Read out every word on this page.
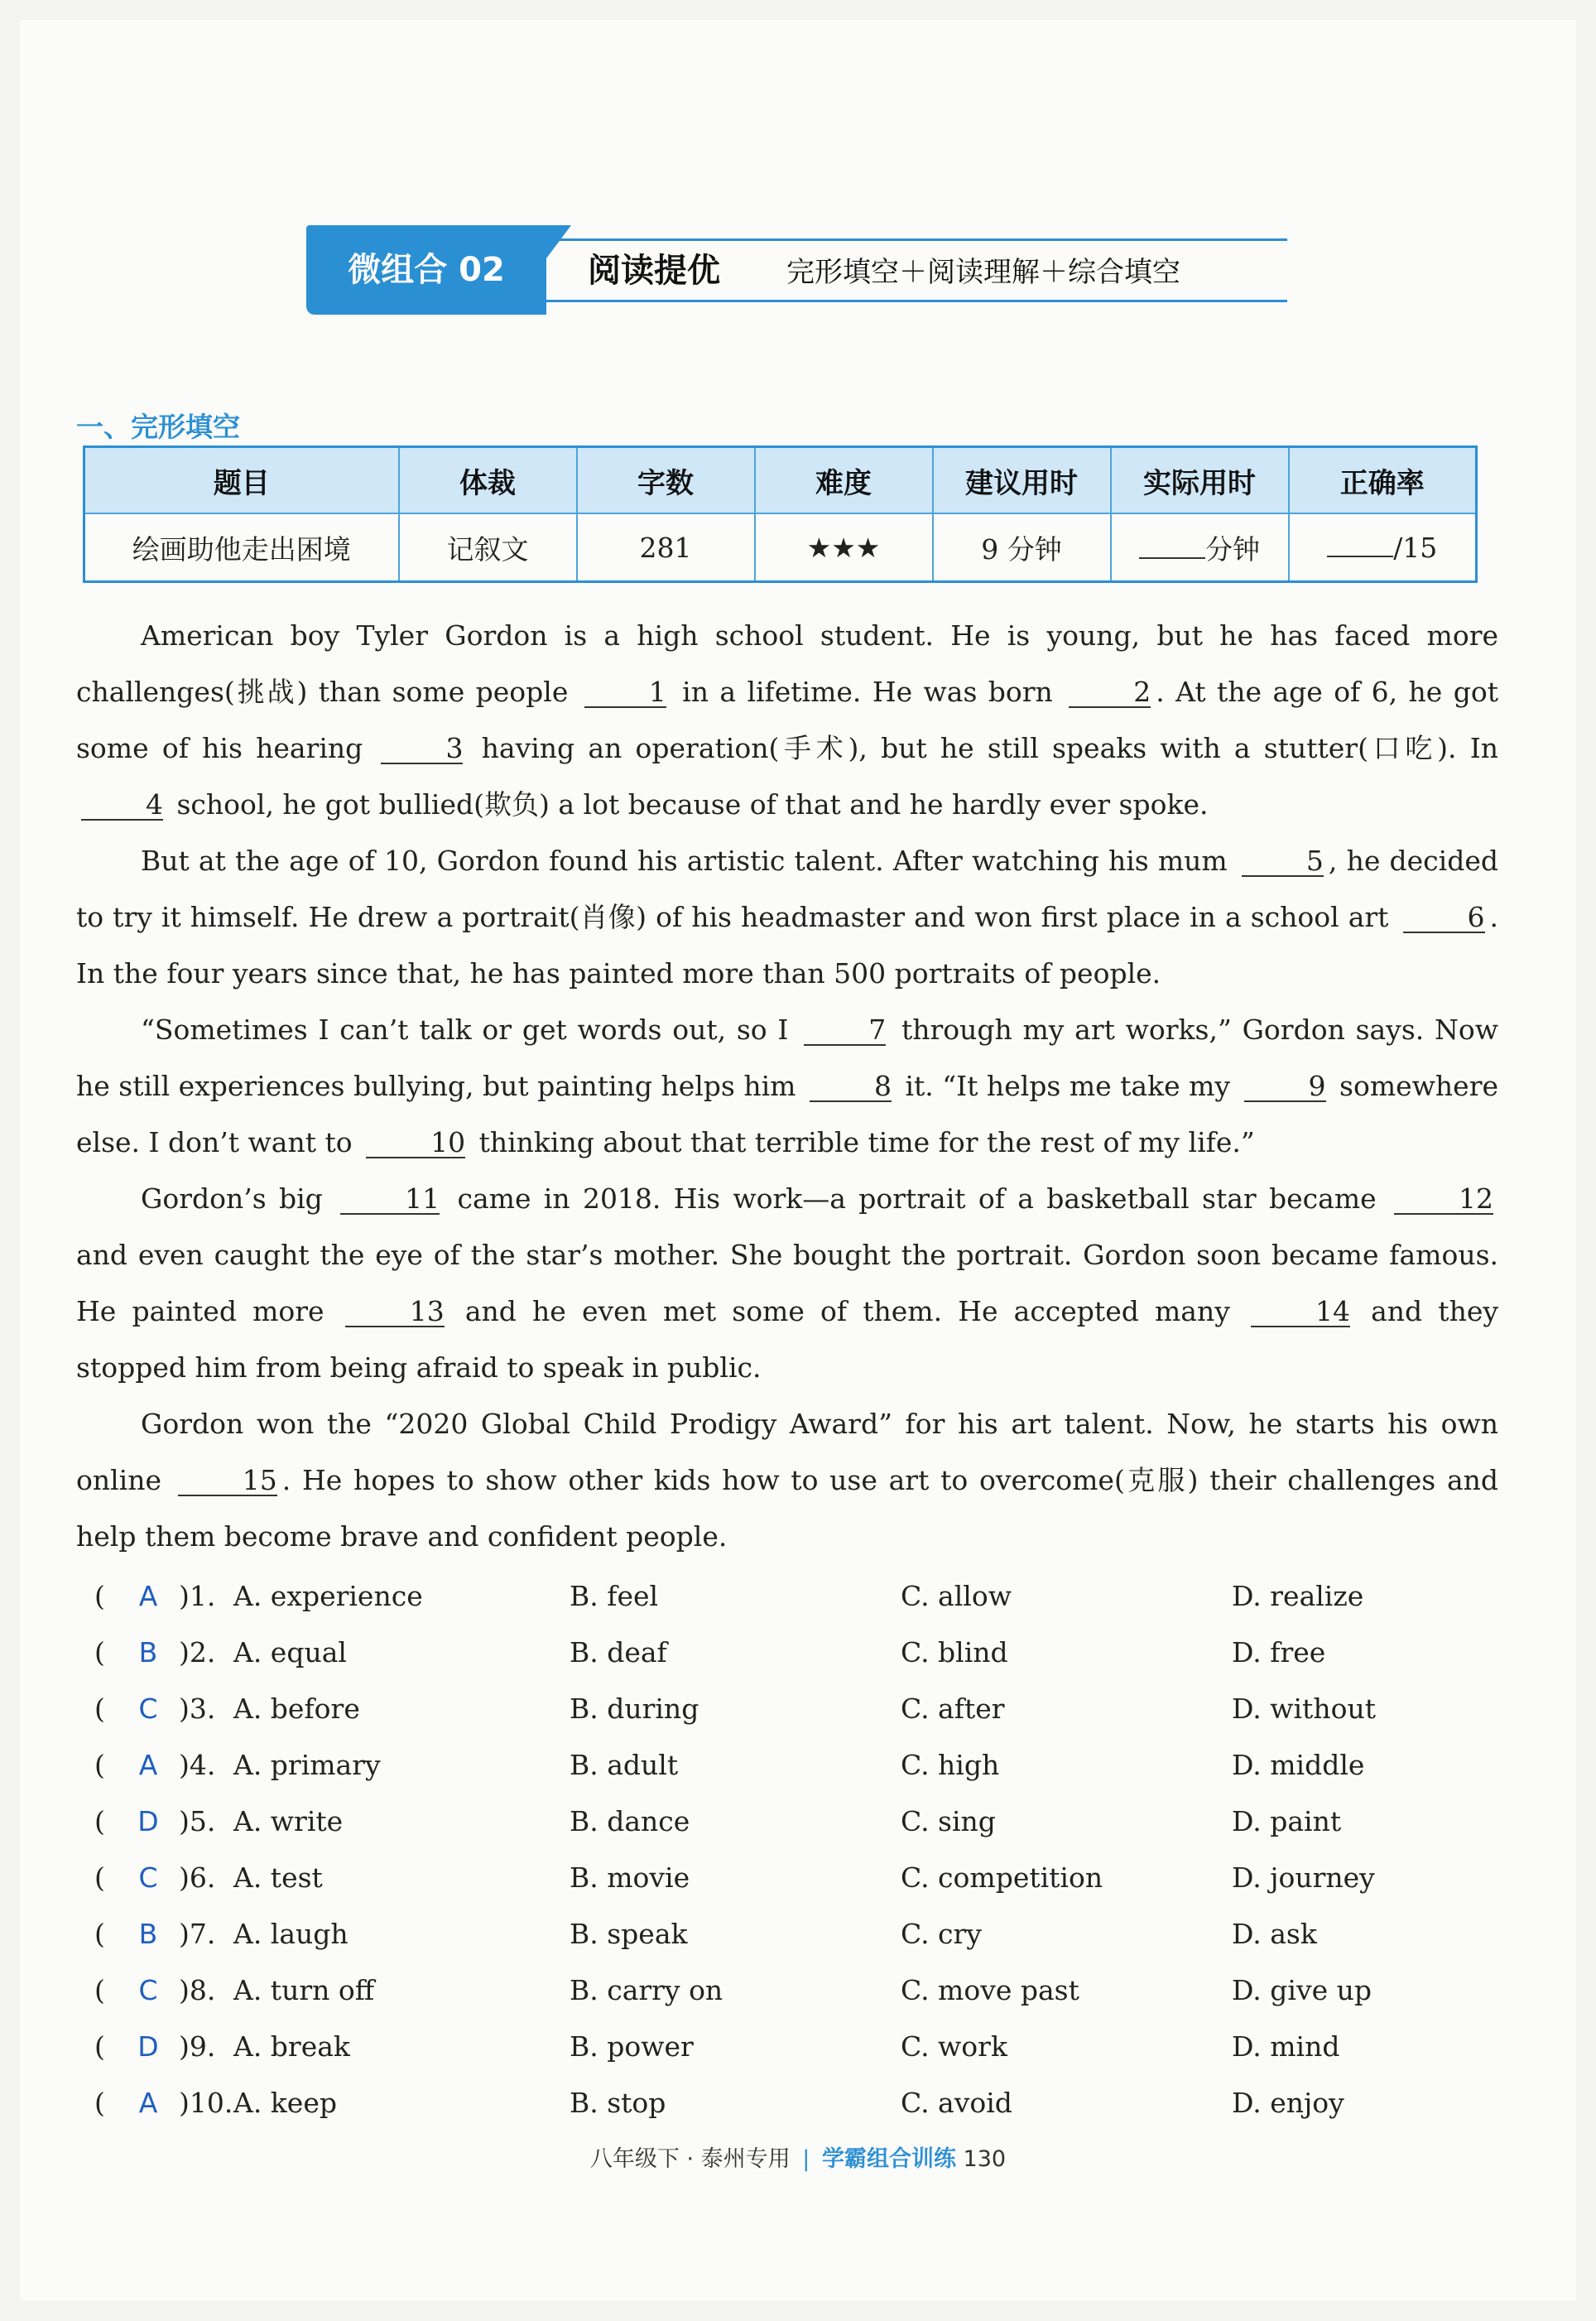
微组合 02	阅读提优 完形填空＋阅读理解＋综合填空
一、完形填空
题目	体裁	字数	难度	建议用时	实际用时	正确率
绘画助他走出困境	记叙文	281	★★★	9 分钟	分钟	/15

American boy Tyler Gordon is a high school student. He is young, but he has faced more challenges(挑战) than some people	1 in a lifetime. He was born	2 . At the age of 6, he got some of his hearing	3 having an operation(手术), but he still speaks with a stutter(口吃). In 4 school, he got bullied(欺负) a lot because of that and he hardly ever spoke.

But at the age of 10, Gordon found his artistic talent. After watching his mum	5 , he decided to try it himself. He drew a portrait(肖像) of his headmaster and won first place in a school art	6 . In the four years since that, he has painted more than 500 portraits of people.

“Sometimes I can’t talk or get words out, so I	7 through my art works,” Gordon says. Now he still experiences bullying, but painting helps him	8 it. “It helps me take my	9 somewhere else. I don’t want to	10 thinking about that terrible time for the rest of my life.”

Gordon’s big	11 came in 2018. His work—a portrait of a basketball star became	12 and even caught the eye of the star’s mother. She bought the portrait. Gordon soon became famous. He painted more	13 and he even met some of them. He accepted many	14 and they stopped him from being afraid to speak in public.

Gordon won the “2020 Global Child Prodigy Award” for his art talent. Now, he starts his own online	15 . He hopes to show other kids how to use art to overcome(克服) their challenges and help them become brave and confident people.

(	A )1. A. experience	B. feel	C. allow	D. realize
(	B )2. A. equal	B. deaf	C. blind	D. free
(	C )3. A. before	B. during	C. after	D. without
(	A )4. A. primary	B. adult	C. high	D. middle
(	D )5. A. write	B. dance	C. sing	D. paint
(	C )6. A. test	B. movie	C. competition	D. journey
(	B )7. A. laugh	B. speak	C. cry	D. ask
(	C )8. A. turn off	B. carry on	C. move past	D. give up
(	D )9. A. break	B. power	C. work	D. mind
(	A )10. A. keep	B. stop	C. avoid	D. enjoy
八年级下 · 泰州专用 | 学霸组合训练 130
